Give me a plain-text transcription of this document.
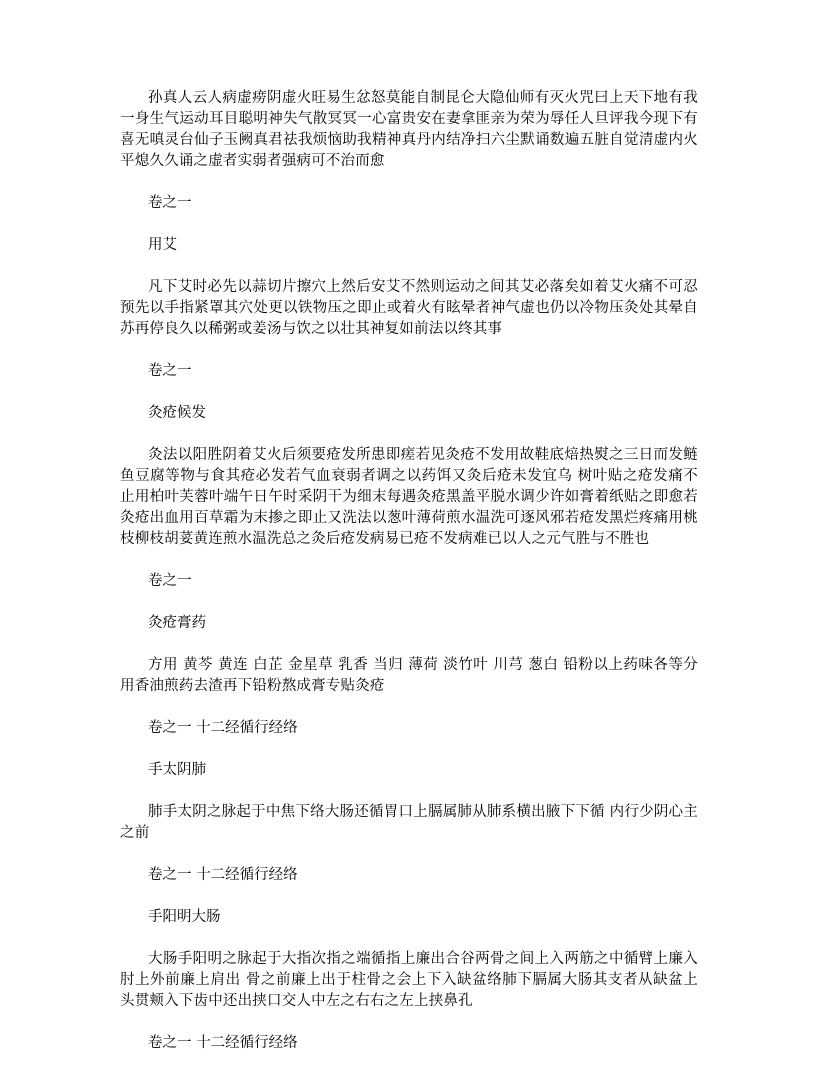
孙真人云人病虚痨阴虚火旺易生忿怒莫能自制昆仑大隐仙师有灭火咒曰上天下地有我一身生气运动耳目聪明神失气散冥冥一心富贵安在妻拿匪亲为荣为辱任人旦评我今现下有喜无嗔灵台仙子玉阙真君祛我烦恼助我精神真丹内结净扫六尘默诵数遍五脏自觉清虚内火平熄久久诵之虚者实弱者强病可不治而愈

卷之一

用艾

凡下艾时必先以蒜切片擦穴上然后安艾不然则运动之间其艾必落矣如着艾火痛不可忍预先以手指紧罩其穴处更以铁物压之即止或着火有眩晕者神气虚也仍以冷物压灸处其晕自苏再停良久以稀粥或姜汤与饮之以壮其神复如前法以终其事

卷之一

灸疮候发

灸法以阳胜阴着艾火后须要疮发所患即瘥若见灸疮不发用故鞋底焙热熨之三日而发鲢鱼豆腐等物与食其疮必发若气血衰弱者调之以药饵又灸后疮未发宜乌 树叶贴之疮发痛不止用柏叶芙蓉叶端午日午时采阴干为细末每遇灸疮黑盖平脱水调少许如膏着纸贴之即愈若灸疮出血用百草霜为末掺之即止又洗法以葱叶薄荷煎水温洗可逐风邪若疮发黑烂疼痛用桃枝柳枝胡荽黄连煎水温洗总之灸后疮发病易已疮不发病难已以人之元气胜与不胜也

卷之一

灸疮膏药

方用 黄芩 黄连 白芷 金星草 乳香 当归 薄荷 淡竹叶 川芎 葱白 铅粉以上药味各等分用香油煎药去渣再下铅粉熬成膏专贴灸疮

卷之一 十二经循行经络

手太阴肺

肺手太阴之脉起于中焦下络大肠还循胃口上膈属肺从肺系横出腋下下循 内行少阴心主之前

卷之一 十二经循行经络

手阳明大肠

大肠手阳明之脉起于大指次指之端循指上廉出合谷两骨之间上入两筋之中循臂上廉入肘上外前廉上肩出 骨之前廉上出于柱骨之会上下入缺盆络肺下膈属大肠其支者从缺盆上头贯颊入下齿中还出挟口交人中左之右右之左上挟鼻孔

卷之一 十二经循行经络
